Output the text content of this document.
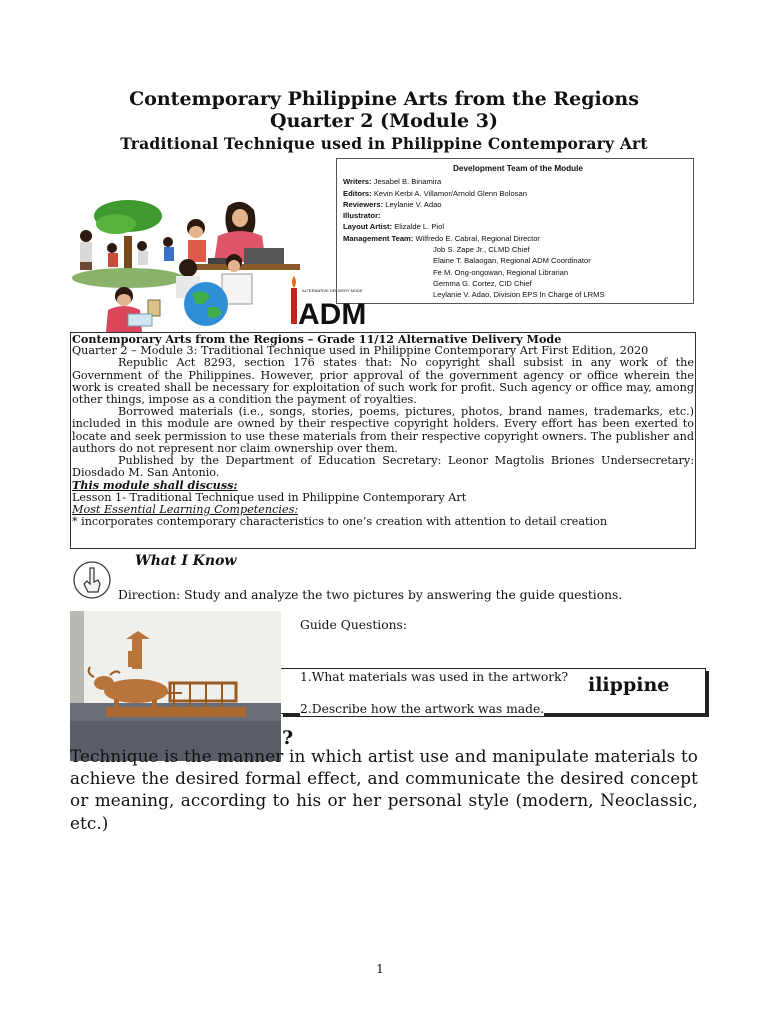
Contemporary Philippine Arts from the Regions
Quarter 2 (Module 3)
Traditional Technique used in Philippine Contemporary Art
Development Team of the Module
Writers: Jesabel B. Binamira
Editors: Kevin Kerbi A. Villamor/Arnold Glenn Bolosan
Reviewers: Leylanie V. Adao
Illustrator:
Layout Artist: Elizalde L. Piol
Management Team: Wilfredo E. Cabral, Regional Director
Job S. Zape Jr., CLMD Chief
Elaine T. Balaogan, Regional ADM Coordinator
Fe M. Ong-ongowan, Regional Librarian
Gemma G. Cortez, CID Chief
Leylanie V. Adao, Division EPS In Charge of LRMS
ADM
ALTERNATIVE DELIVERY MODE

Contemporary Arts from the Regions – Grade 11/12 Alternative Delivery Mode

Quarter 2 – Module 3: Traditional Technique used in Philippine Contemporary Art First Edition, 2020

Republic Act 8293, section 176 states that: No copyright shall subsist in any work of the Government of the Philippines. However, prior approval of the government agency or office wherein the work is created shall be necessary for exploitation of such work for profit. Such agency or office may, among other things, impose as a condition the payment of royalties.

Borrowed materials (i.e., songs, stories, poems, pictures, photos, brand names, trademarks, etc.) included in this module are owned by their respective copyright holders. Every effort has been exerted to locate and seek permission to use these materials from their respective copyright owners. The publisher and authors do not represent nor claim ownership over them.

Published by the Department of Education Secretary: Leonor Magtolis Briones Undersecretary: Diosdado M. San Antonio.

This module shall discuss:

Lesson 1- Traditional Technique used in Philippine Contemporary Art

Most Essential Learning Competencies:

* incorporates contemporary characteristics to one’s creation with attention to detail creation

What I Know
Direction: Study and analyze the two pictures by answering the guide questions.
Guide Questions:
ilippine
?
1.What materials was used in the artwork?
2.Describe how the artwork was made.
Technique is the manner in which artist use and manipulate materials to achieve the desired formal effect, and communicate the desired concept or meaning, according to his or her personal style (modern, Neoclassic, etc.)
1
